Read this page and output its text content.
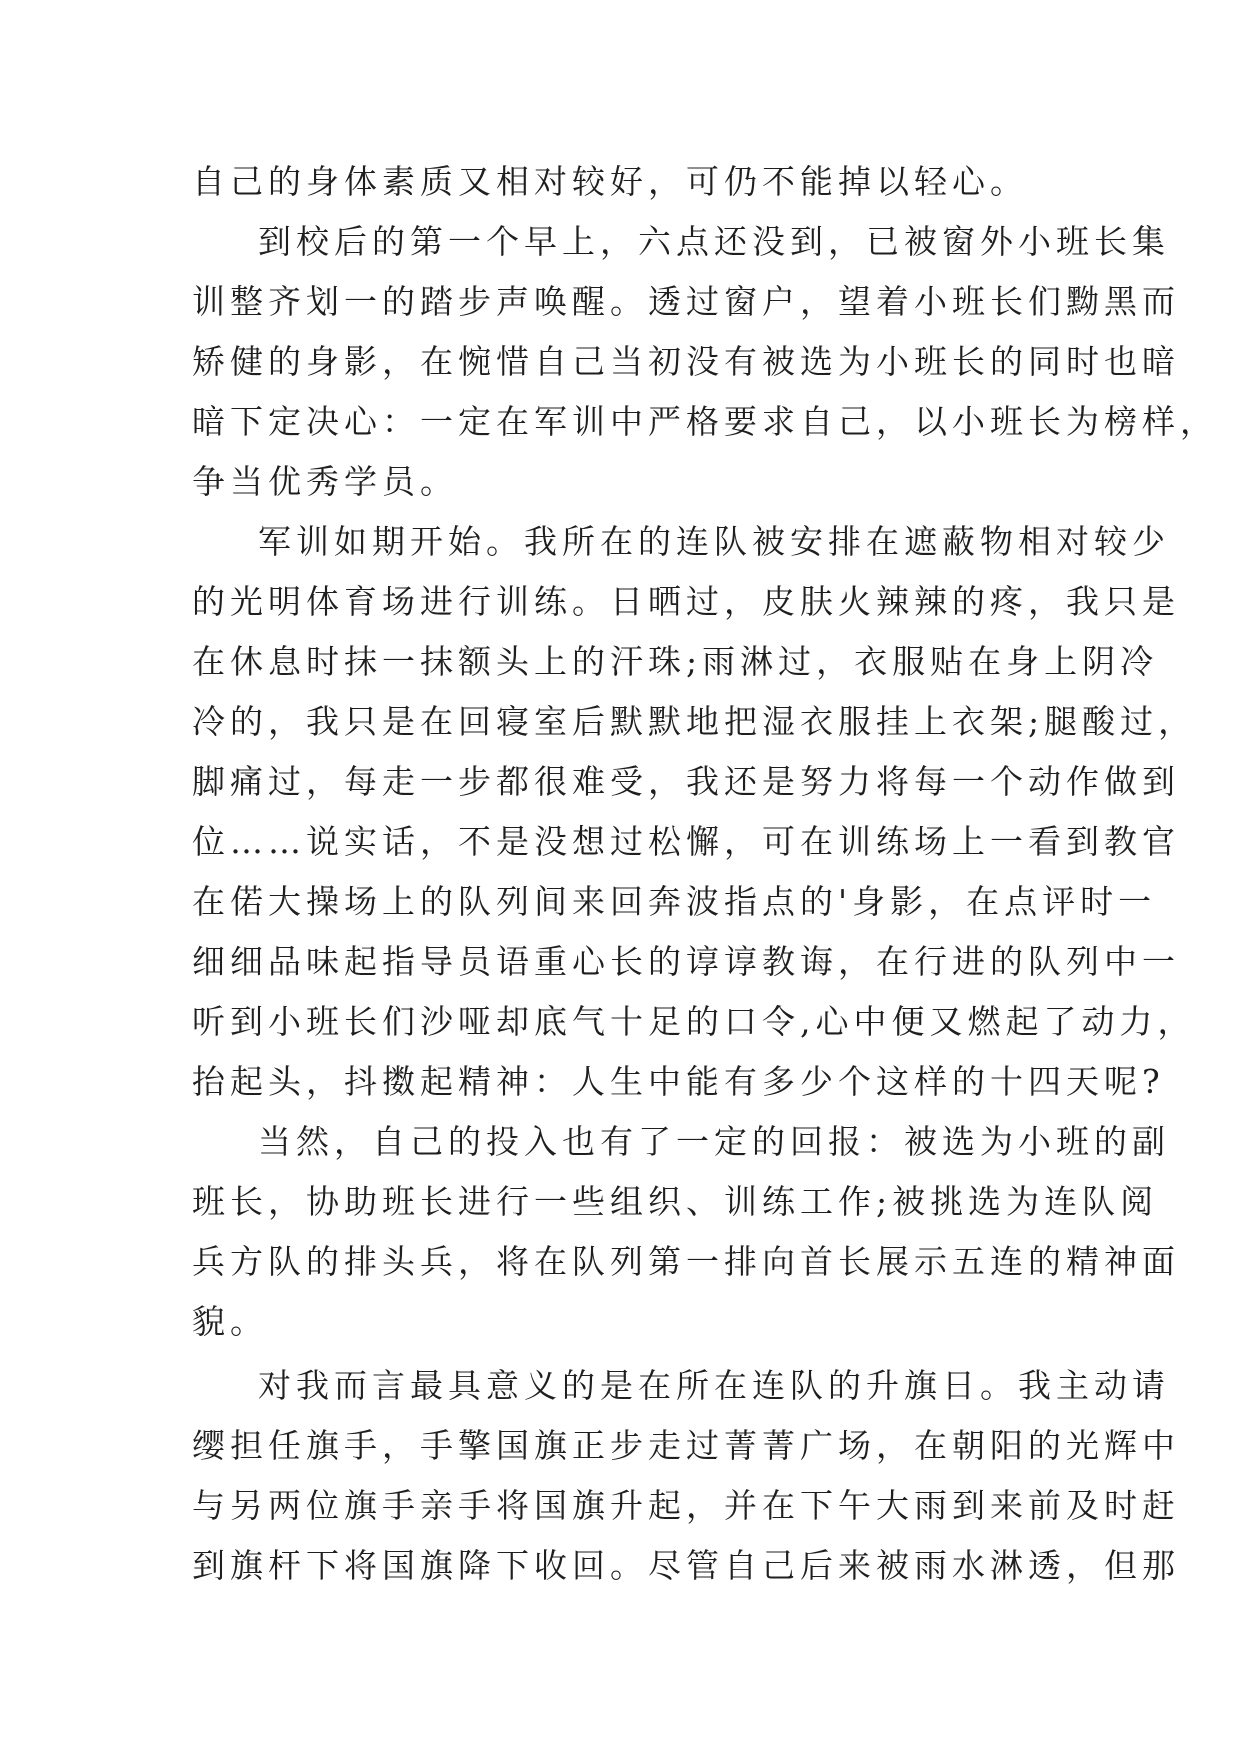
自己的身体素质又相对较好，可仍不能掉以轻心。
到校后的第一个早上，六点还没到，已被窗外小班长集
训整齐划一的踏步声唤醒。透过窗户，望着小班长们黝黑而
矫健的身影，在惋惜自己当初没有被选为小班长的同时也暗
暗下定决心：一定在军训中严格要求自己，以小班长为榜样，
争当优秀学员。
军训如期开始。我所在的连队被安排在遮蔽物相对较少
的光明体育场进行训练。日晒过，皮肤火辣辣的疼，我只是
在休息时抹一抹额头上的汗珠;雨淋过，衣服贴在身上阴冷
冷的，我只是在回寝室后默默地把湿衣服挂上衣架;腿酸过，
脚痛过，每走一步都很难受，我还是努力将每一个动作做到
位……说实话，不是没想过松懈，可在训练场上一看到教官
在偌大操场上的队列间来回奔波指点的'身影，在点评时一
细细品味起指导员语重心长的谆谆教诲，在行进的队列中一
听到小班长们沙哑却底气十足的口令,心中便又燃起了动力，
抬起头，抖擞起精神：人生中能有多少个这样的十四天呢?
当然，自己的投入也有了一定的回报：被选为小班的副
班长，协助班长进行一些组织、训练工作;被挑选为连队阅
兵方队的排头兵，将在队列第一排向首长展示五连的精神面
貌。
对我而言最具意义的是在所在连队的升旗日。我主动请
缨担任旗手，手擎国旗正步走过菁菁广场，在朝阳的光辉中
与另两位旗手亲手将国旗升起，并在下午大雨到来前及时赶
到旗杆下将国旗降下收回。尽管自己后来被雨水淋透，但那
